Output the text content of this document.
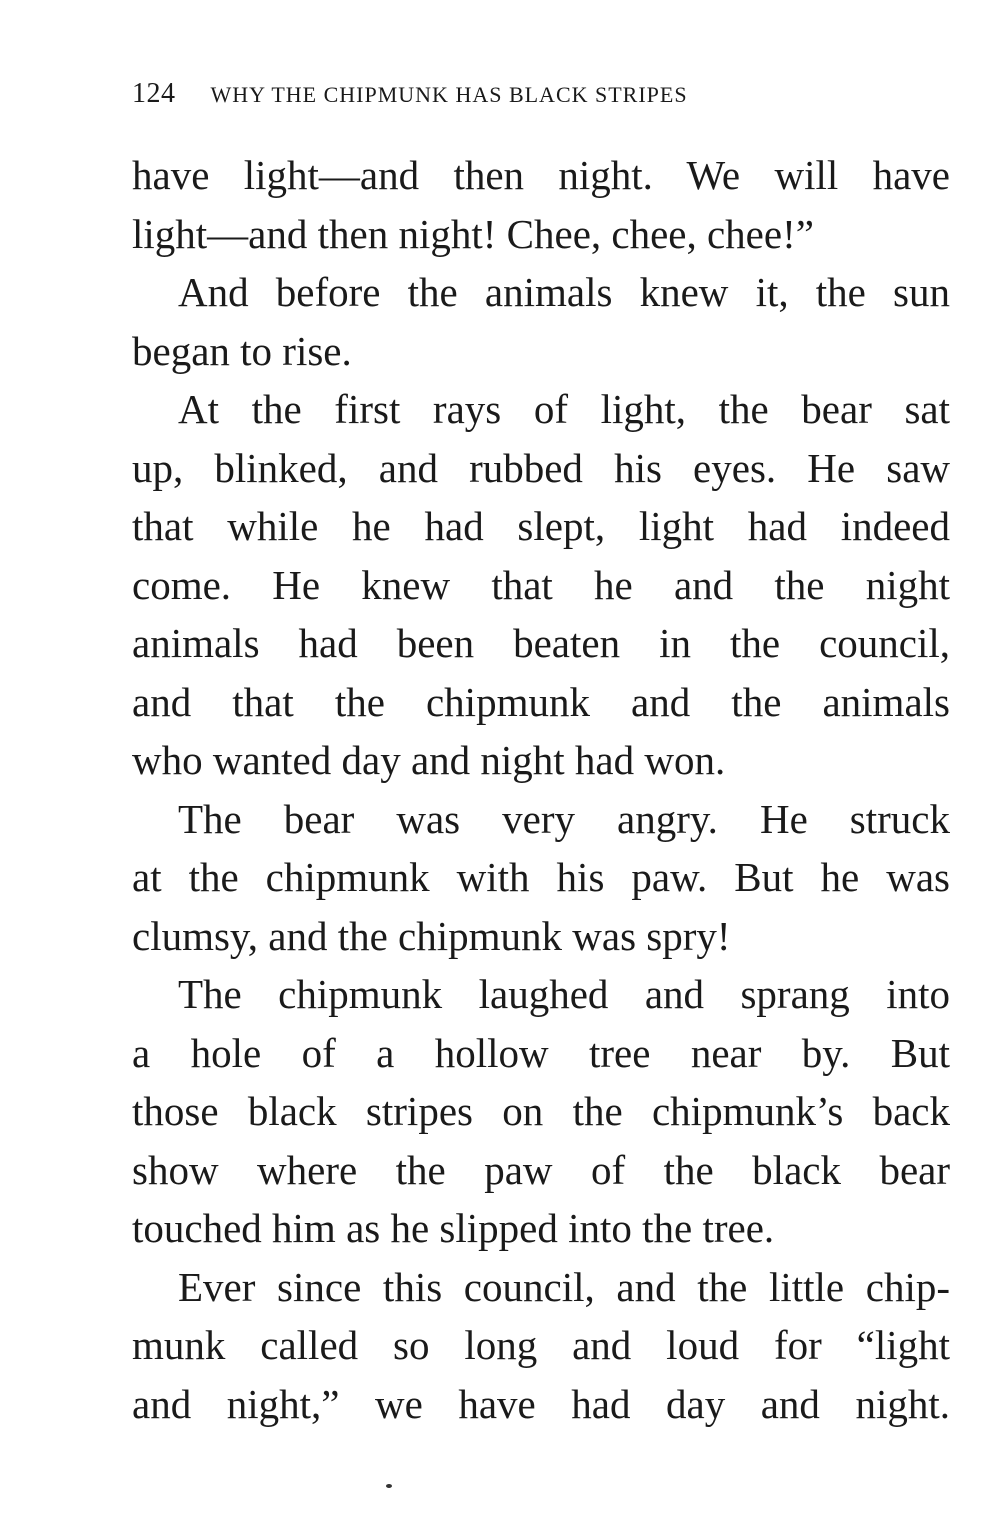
124 WHY THE CHIPMUNK HAS BLACK STRIPES
have light—and then night. We will have
light—and then night! Chee, chee, chee!”
And before the animals knew it, the sun
began to rise.
At the first rays of light, the bear sat
up, blinked, and rubbed his eyes. He saw
that while he had slept, light had indeed
come. He knew that he and the night
animals had been beaten in the council,
and that the chipmunk and the animals
who wanted day and night had won.
The bear was very angry. He struck
at the chipmunk with his paw. But he was
clumsy, and the chipmunk was spry!
The chipmunk laughed and sprang into
a hole of a hollow tree near by. But
those black stripes on the chipmunk’s back
show where the paw of the black bear
touched him as he slipped into the tree.
Ever since this council, and the little chip-
munk called so long and loud for “light
and night,” we have had day and night.
